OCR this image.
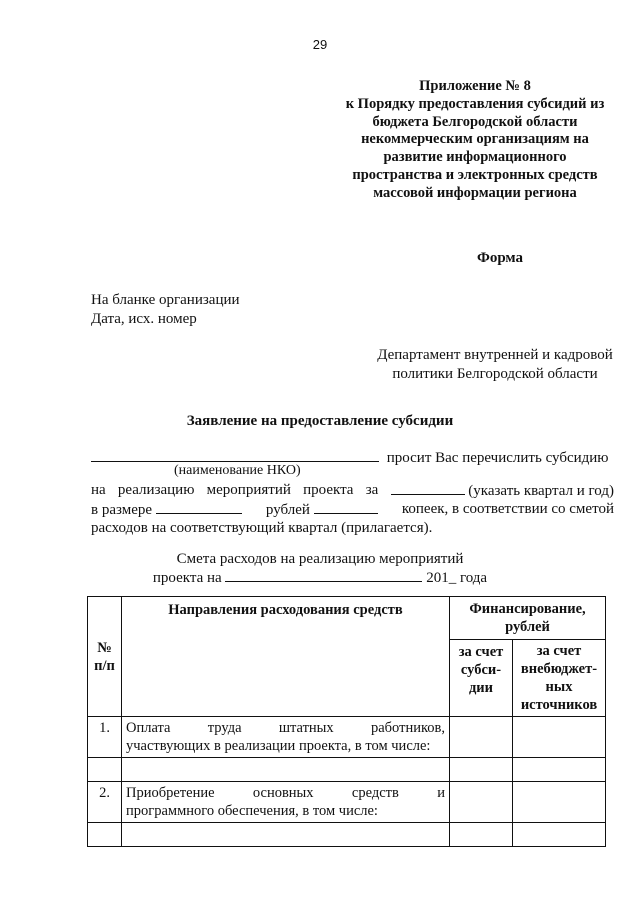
29
Приложение № 8
к Порядку предоставления субсидий из
бюджета Белгородской области
некоммерческим организациям на
развитие информационного
пространства и электронных средств
массовой информации региона
Форма
На бланке организации
Дата, исх. номер
Департамент внутренней и кадровой
политики Белгородской области
Заявление на предоставление субсидии
просит Вас перечислить субсидию
(наименование НКО)
на реализацию мероприятий проекта за	(указать квартал и год)
в размере	рублей	копеек, в соответствии со сметой
расходов на соответствующий квартал (прилагается).
Смета расходов на реализацию мероприятий
проекта на	201_ года
№ п/п	Направления расходования средств	Финансирование, рублей	

		за счет субси- дии	за счет внебюджет- ных источников

1.	Оплата труда штатных работников,
участвующих в реализации проекта, в том числе:		

2.	Приобретение основных средств и
программного обеспечения, в том числе:		
